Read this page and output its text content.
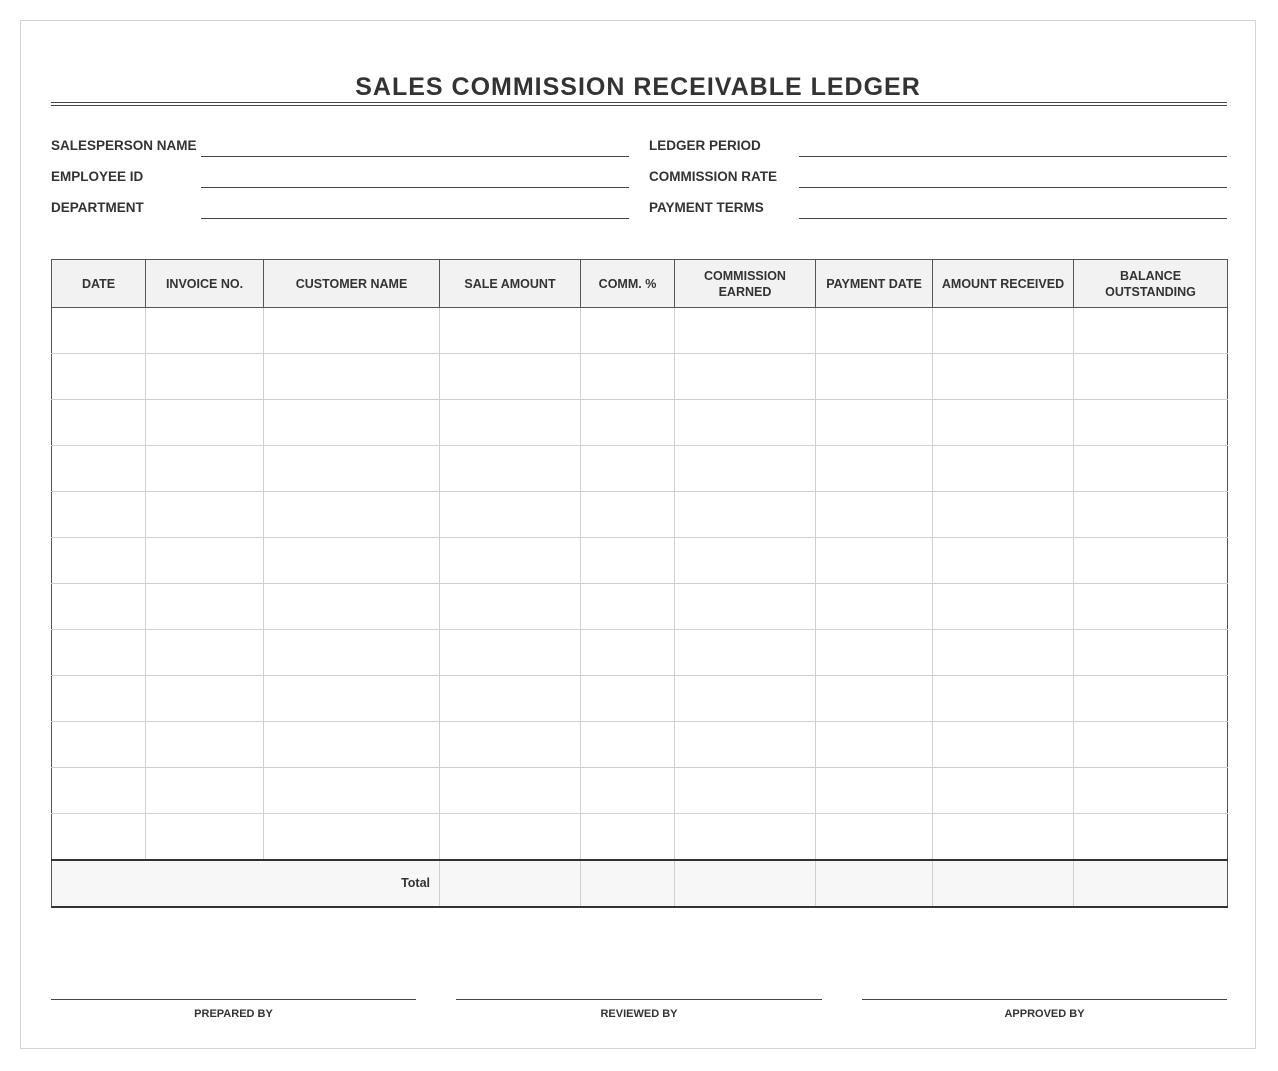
SALES COMMISSION RECEIVABLE LEDGER
SALESPERSON NAME
EMPLOYEE ID
DEPARTMENT
LEDGER PERIOD
COMMISSION RATE
PAYMENT TERMS
DATE	INVOICE NO.	CUSTOMER NAME	SALE AMOUNT	COMM. %	COMMISSION EARNED	PAYMENT DATE	AMOUNT RECEIVED	BALANCE OUTSTANDING

Total								
PREPARED BY	REVIEWED BY	APPROVED BY
